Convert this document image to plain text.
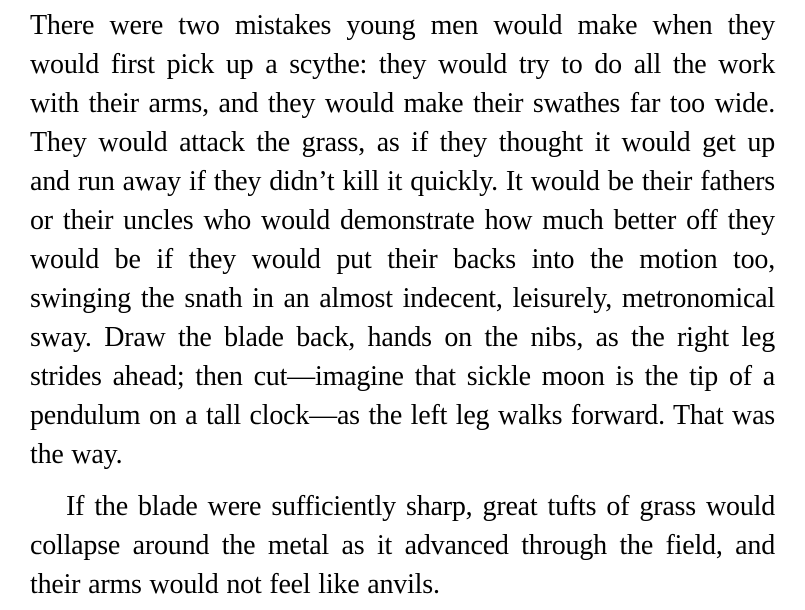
There were two mistakes young men would make when they would first pick up a scythe: they would try to do all the work with their arms, and they would make their swathes far too wide. They would attack the grass, as if they thought it would get up and run away if they didn’t kill it quickly. It would be their fathers or their uncles who would demonstrate how much better off they would be if they would put their backs into the motion too, swinging the snath in an almost indecent, leisurely, metronomical sway. Draw the blade back, hands on the nibs, as the right leg strides ahead; then cut—imagine that sickle moon is the tip of a pendulum on a tall clock—as the left leg walks forward. That was the way.

If the blade were sufficiently sharp, great tufts of grass would collapse around the metal as it advanced through the field, and their arms would not feel like anvils.
